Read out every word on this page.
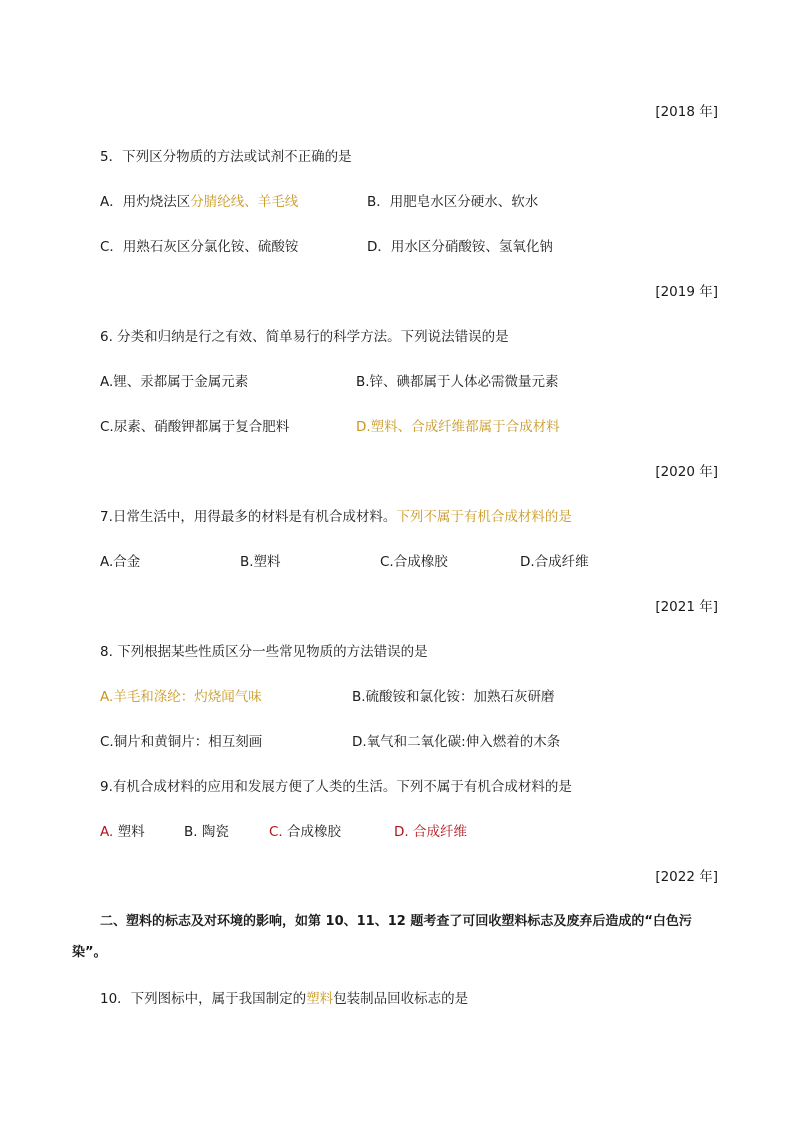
[2018 年]
5．下列区分物质的方法或试剂不正确的是
A．用灼烧法区分腈纶线、羊毛线	B．用肥皂水区分硬水、软水
C．用熟石灰区分氯化铵、硫酸铵	D．用水区分硝酸铵、氢氧化钠
[2019 年]
6. 分类和归纳是行之有效、简单易行的科学方法。下列说法错误的是
A.锂、汞都属于金属元素	B.锌、碘都属于人体必需微量元素
C.尿素、硝酸钾都属于复合肥料	D.塑料、合成纤维都属于合成材料
[2020 年]
7.日常生活中，用得最多的材料是有机合成材料。下列不属于有机合成材料的是
A.合金	B.塑料	C.合成橡胶	D.合成纤维
[2021 年]
8. 下列根据某些性质区分一些常见物质的方法错误的是
A.羊毛和涤纶：灼烧闻气味	B.硫酸铵和氯化铵：加熟石灰研磨
C.铜片和黄铜片：相互刻画	D.氧气和二氧化碳:伸入燃着的木条
9.有机合成材料的应用和发展方便了人类的生活。下列不属于有机合成材料的是
A. 塑料	B. 陶瓷	C. 合成橡胶	D. 合成纤维
[2022 年]
二、塑料的标志及对环境的影响，如第 10、11、12 题考查了可回收塑料标志及废弃后造成的“白色污
染”。
10．下列图标中，属于我国制定的塑料包装制品回收标志的是
